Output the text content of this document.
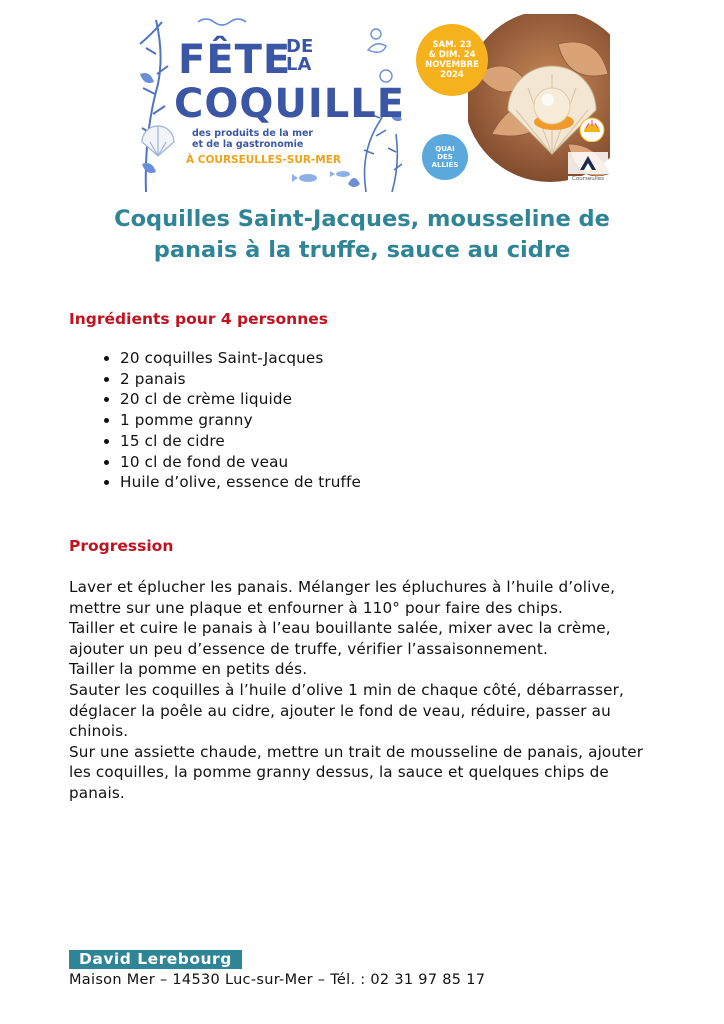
FÊTE
DE LA
COQUILLE
des produits de la mer
et de la gastronomie
À COURSEULLES-SUR-MER
SAM. 23
& DIM. 24
NOVEMBRE
2024
QUAI
DES
ALLIÉS
Courseulles
Coquilles Saint-Jacques, mousseline de
panais à la truffe, sauce au cidre
Ingrédients pour 4 personnes
• 20 coquilles Saint-Jacques
• 2 panais
• 20 cl de crème liquide
• 1 pomme granny
• 15 cl de cidre
• 10 cl de fond de veau
• Huile d’olive, essence de truffe
Progression

Laver et éplucher les panais. Mélanger les épluchures à l’huile d’olive, mettre sur une plaque et enfourner à 110° pour faire des chips.

Tailler et cuire le panais à l’eau bouillante salée, mixer avec la crème, ajouter un peu d’essence de truffe, vérifier l’assaisonnement.

Tailler la pomme en petits dés.

Sauter les coquilles à l’huile d’olive 1 min de chaque côté, débarrasser, déglacer la poêle au cidre, ajouter le fond de veau, réduire, passer au chinois.

Sur une assiette chaude, mettre un trait de mousseline de panais, ajouter les coquilles, la pomme granny dessus, la sauce et quelques chips de panais.

David Lerebourg
Maison Mer – 14530 Luc-sur-Mer – Tél. : 02 31 97 85 17
